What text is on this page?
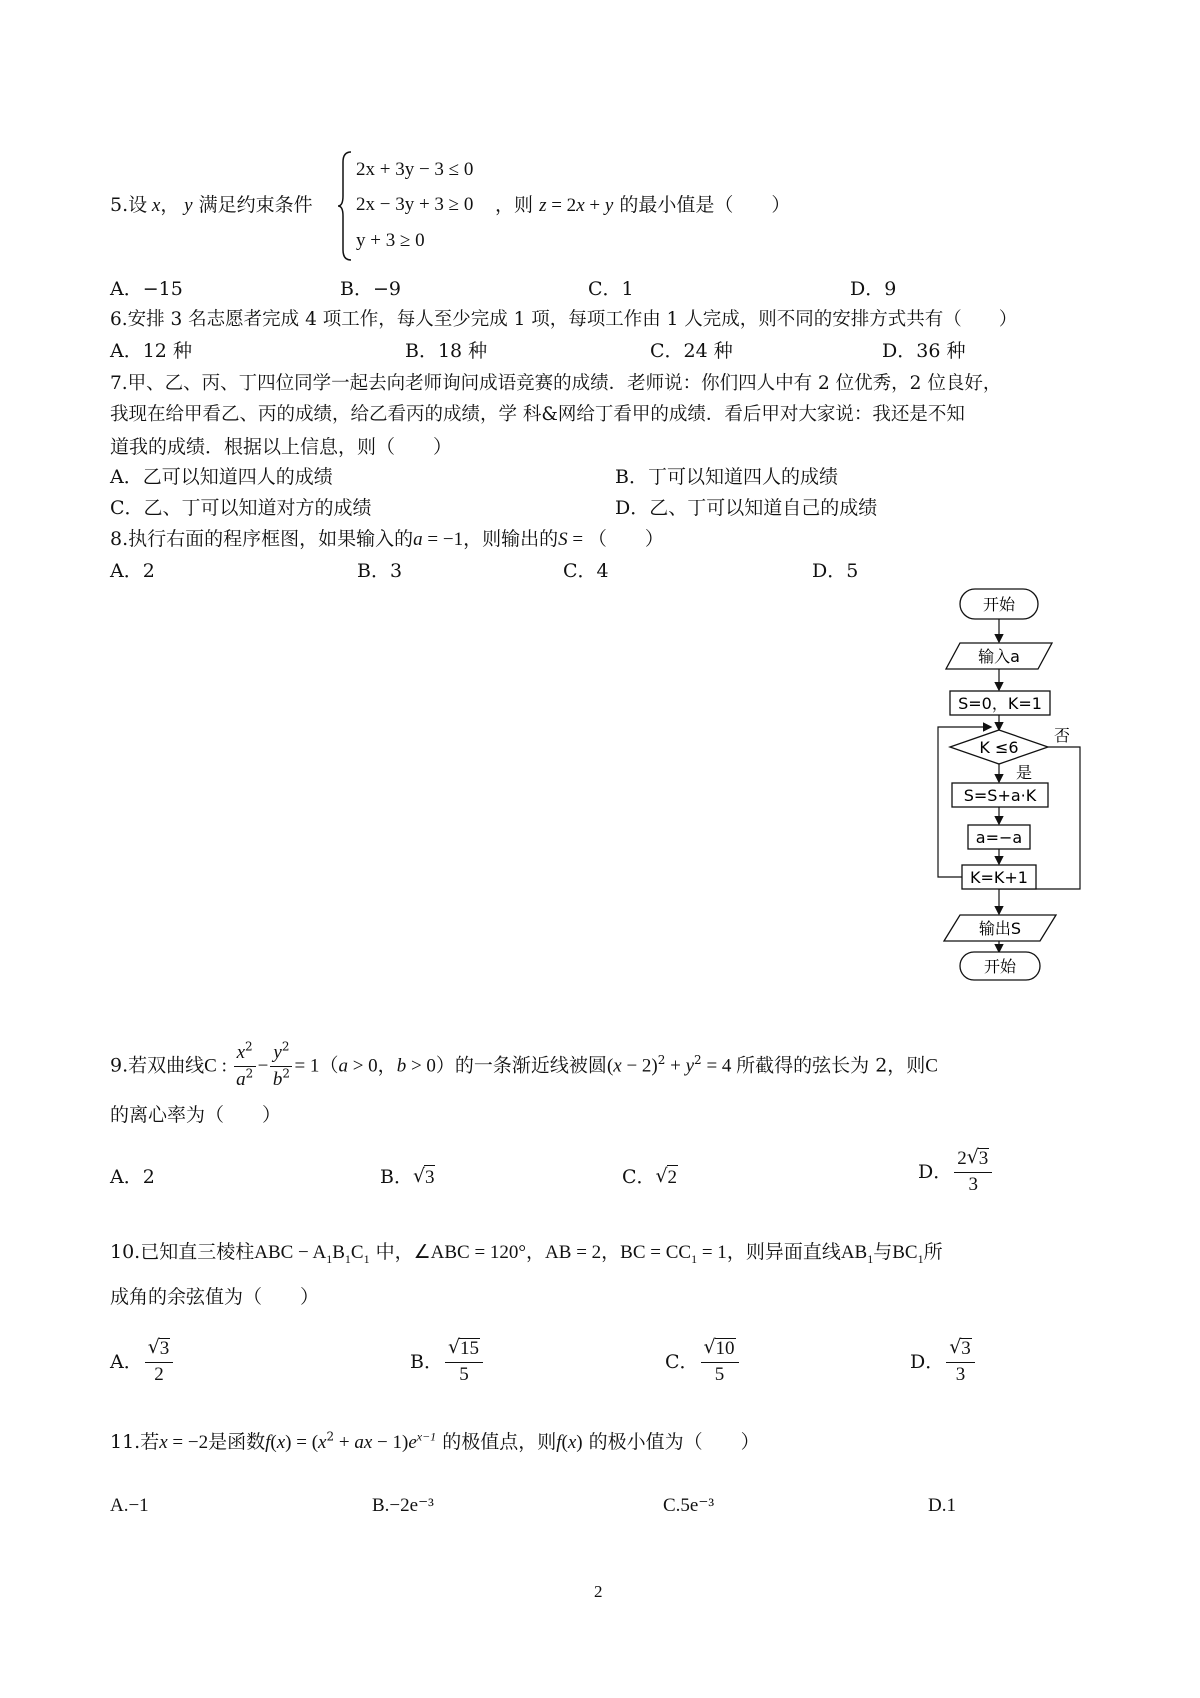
5.设 x， y 满足约束条件
2x + 3y − 3 ≤ 0
2x − 3y + 3 ≥ 0
y + 3 ≥ 0
，则 z = 2x + y 的最小值是（　　）
A．−15	B．−9	C．1	D．9
6.安排 3 名志愿者完成 4 项工作，每人至少完成 1 项，每项工作由 1 人完成，则不同的安排方式共有（　　）
A．12 种	B．18 种	C．24 种	D．36 种
7.甲、乙、丙、丁四位同学一起去向老师询问成语竞赛的成绩．老师说：你们四人中有 2 位优秀，2 位良好，
我现在给甲看乙、丙的成绩，给乙看丙的成绩，学 科&网给丁看甲的成绩．看后甲对大家说：我还是不知
道我的成绩．根据以上信息，则（　　）
A．乙可以知道四人的成绩	B．丁可以知道四人的成绩
C．乙、丁可以知道对方的成绩	D．乙、丁可以知道自己的成绩
8.执行右面的程序框图，如果输入的a = −1，则输出的S = （　　）
A．2	B．3	C．4	D．5
开始
输入a
S=0，K=1
K ≤6
否
是
S=S+a·K
a=−a
K=K+1
输出S
开始
9.若双曲线C : $\frac{x^2}{a^2} - \frac{y^2}{b^2} = 1(a > 0$，b > 0）的一条渐近线被圆$(x - 2)^2 + y^2 = 4$ 所截得的弦长为 2，则C
的离心率为（　　）
A．2	B． √ 3	C． √ 2	D． $\frac{2 √ 3}{3}$
10.已知直三棱柱ABC − $A_1B_1C_1$ 中，∠ABC = 120°，AB = 2，BC = $CC_1 = 1$，则异面直线$AB_1$与$BC_1$所
成角的余弦值为（　　）
A． √ $\frac{3}{2}$	B． √ $\frac{15}{5}$	C． √ $\frac{10}{5}$	D． √ $\frac{3}{3}$
11.若x = −2是函数$f(x) = (x^2$ + ax − $1)e^{x-1}$ 的极值点，则f(x) 的极小值为（　　）
A.−1	B.−2e⁻³	C.5e⁻³	D.1
2
